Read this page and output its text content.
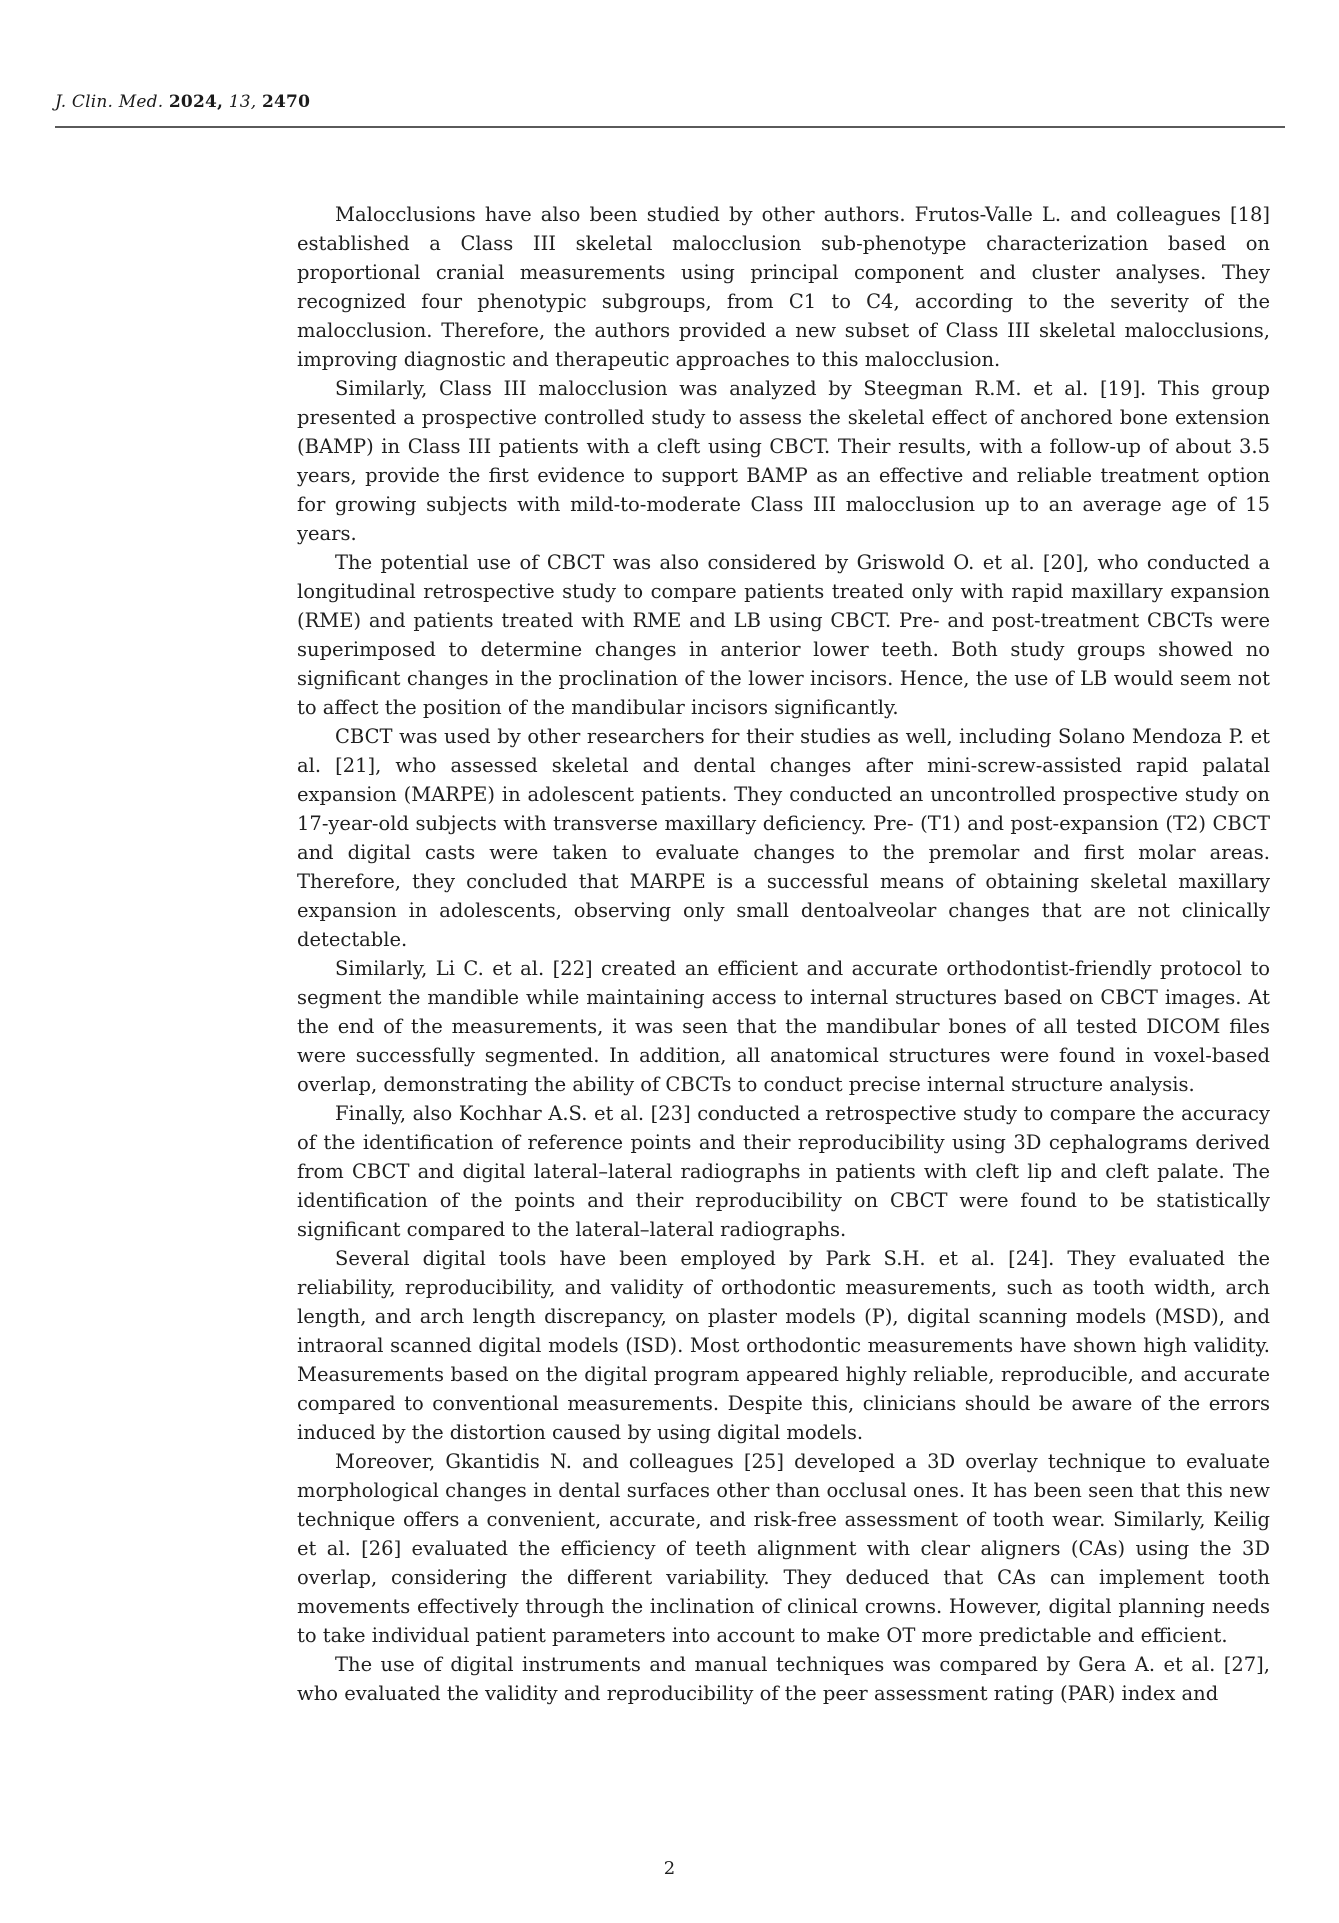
J. Clin. Med. 2024, 13, 2470

Malocclusions have also been studied by other authors. Frutos-Valle L. and colleagues [18] established a Class III skeletal malocclusion sub-phenotype characterization based on proportional cranial measurements using principal component and cluster analyses. They recognized four phenotypic subgroups, from C1 to C4, according to the severity of the malocclusion. Therefore, the authors provided a new subset of Class III skeletal malocclusions, improving diagnostic and therapeutic approaches to this malocclusion.

Similarly, Class III malocclusion was analyzed by Steegman R.M. et al. [19]. This group presented a prospective controlled study to assess the skeletal effect of anchored bone extension (BAMP) in Class III patients with a cleft using CBCT. Their results, with a follow-up of about 3.5 years, provide the first evidence to support BAMP as an effective and reliable treatment option for growing subjects with mild-to-moderate Class III malocclusion up to an average age of 15 years.

The potential use of CBCT was also considered by Griswold O. et al. [20], who conducted a longitudinal retrospective study to compare patients treated only with rapid maxillary expansion (RME) and patients treated with RME and LB using CBCT. Pre- and post-treatment CBCTs were superimposed to determine changes in anterior lower teeth. Both study groups showed no significant changes in the proclination of the lower incisors. Hence, the use of LB would seem not to affect the position of the mandibular incisors significantly.

CBCT was used by other researchers for their studies as well, including Solano Mendoza P. et al. [21], who assessed skeletal and dental changes after mini-screw-assisted rapid palatal expansion (MARPE) in adolescent patients. They conducted an uncontrolled prospective study on 17-year-old subjects with transverse maxillary deficiency. Pre- (T1) and post-expansion (T2) CBCT and digital casts were taken to evaluate changes to the premolar and first molar areas. Therefore, they concluded that MARPE is a successful means of obtaining skeletal maxillary expansion in adolescents, observing only small dentoalveolar changes that are not clinically detectable.

Similarly, Li C. et al. [22] created an efficient and accurate orthodontist-friendly protocol to segment the mandible while maintaining access to internal structures based on CBCT images. At the end of the measurements, it was seen that the mandibular bones of all tested DICOM files were successfully segmented. In addition, all anatomical structures were found in voxel-based overlap, demonstrating the ability of CBCTs to conduct precise internal structure analysis.

Finally, also Kochhar A.S. et al. [23] conducted a retrospective study to compare the accuracy of the identification of reference points and their reproducibility using 3D cephalograms derived from CBCT and digital lateral–lateral radiographs in patients with cleft lip and cleft palate. The identification of the points and their reproducibility on CBCT were found to be statistically significant compared to the lateral–lateral radiographs.

Several digital tools have been employed by Park S.H. et al. [24]. They evaluated the reliability, reproducibility, and validity of orthodontic measurements, such as tooth width, arch length, and arch length discrepancy, on plaster models (P), digital scanning models (MSD), and intraoral scanned digital models (ISD). Most orthodontic measurements have shown high validity. Measurements based on the digital program appeared highly reliable, reproducible, and accurate compared to conventional measurements. Despite this, clinicians should be aware of the errors induced by the distortion caused by using digital models.

Moreover, Gkantidis N. and colleagues [25] developed a 3D overlay technique to evaluate morphological changes in dental surfaces other than occlusal ones. It has been seen that this new technique offers a convenient, accurate, and risk-free assessment of tooth wear. Similarly, Keilig et al. [26] evaluated the efficiency of teeth alignment with clear aligners (CAs) using the 3D overlap, considering the different variability. They deduced that CAs can implement tooth movements effectively through the inclination of clinical crowns. However, digital planning needs to take individual patient parameters into account to make OT more predictable and efficient.

The use of digital instruments and manual techniques was compared by Gera A. et al. [27], who evaluated the validity and reproducibility of the peer assessment rating (PAR) index and

2
